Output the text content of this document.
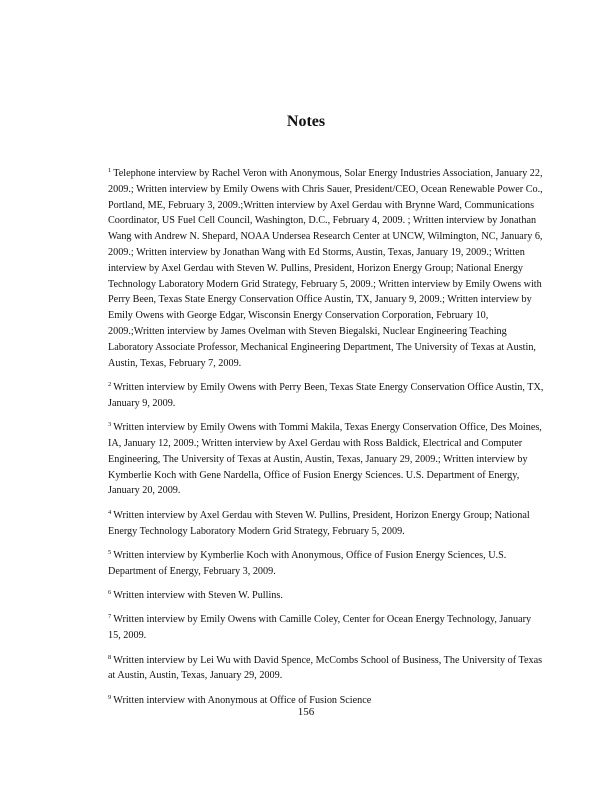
Notes
$^1$ Telephone interview by Rachel Veron with Anonymous, Solar Energy Industries Association, January 22,
2009.; Written interview by Emily Owens with Chris Sauer, President/CEO, Ocean Renewable Power Co.,
Portland, ME, February 3, 2009.;Written interview by Axel Gerdau with Brynne Ward, Communications
Coordinator, US Fuel Cell Council, Washington, D.C., February 4, 2009. ; Written interview by Jonathan
Wang with Andrew N. Shepard, NOAA Undersea Research Center at UNCW, Wilmington, NC, January 6,
2009.; Written interview by Jonathan Wang with Ed Storms, Austin, Texas, January 19, 2009.; Written
interview by Axel Gerdau with Steven W. Pullins, President, Horizon Energy Group; National Energy
Technology Laboratory Modern Grid Strategy, February 5, 2009.; Written interview by Emily Owens with
Perry Been, Texas State Energy Conservation Office Austin, TX, January 9, 2009.; Written interview by
Emily Owens with George Edgar, Wisconsin Energy Conservation Corporation, February 10,
2009.;Written interview by James Ovelman with Steven Biegalski, Nuclear Engineering Teaching
Laboratory Associate Professor, Mechanical Engineering Department, The University of Texas at Austin,
Austin, Texas, February 7, 2009.
$^2$ Written interview by Emily Owens with Perry Been, Texas State Energy Conservation Office Austin, TX,
January 9, 2009.
$^3$ Written interview by Emily Owens with Tommi Makila, Texas Energy Conservation Office, Des Moines,
IA, January 12, 2009.; Written interview by Axel Gerdau with Ross Baldick, Electrical and Computer
Engineering, The University of Texas at Austin, Austin, Texas, January 29, 2009.; Written interview by
Kymberlie Koch with Gene Nardella, Office of Fusion Energy Sciences. U.S. Department of Energy,
January 20, 2009.
$^4$ Written interview by Axel Gerdau with Steven W. Pullins, President, Horizon Energy Group; National
Energy Technology Laboratory Modern Grid Strategy, February 5, 2009.
$^5$ Written interview by Kymberlie Koch with Anonymous, Office of Fusion Energy Sciences, U.S.
Department of Energy, February 3, 2009.
$^6$ Written interview with Steven W. Pullins.
$^7$ Written interview by Emily Owens with Camille Coley, Center for Ocean Energy Technology, January
15, 2009.
$^8$ Written interview by Lei Wu with David Spence, McCombs School of Business, The University of Texas
at Austin, Austin, Texas, January 29, 2009.
$^9$ Written interview with Anonymous at Office of Fusion Science
156
